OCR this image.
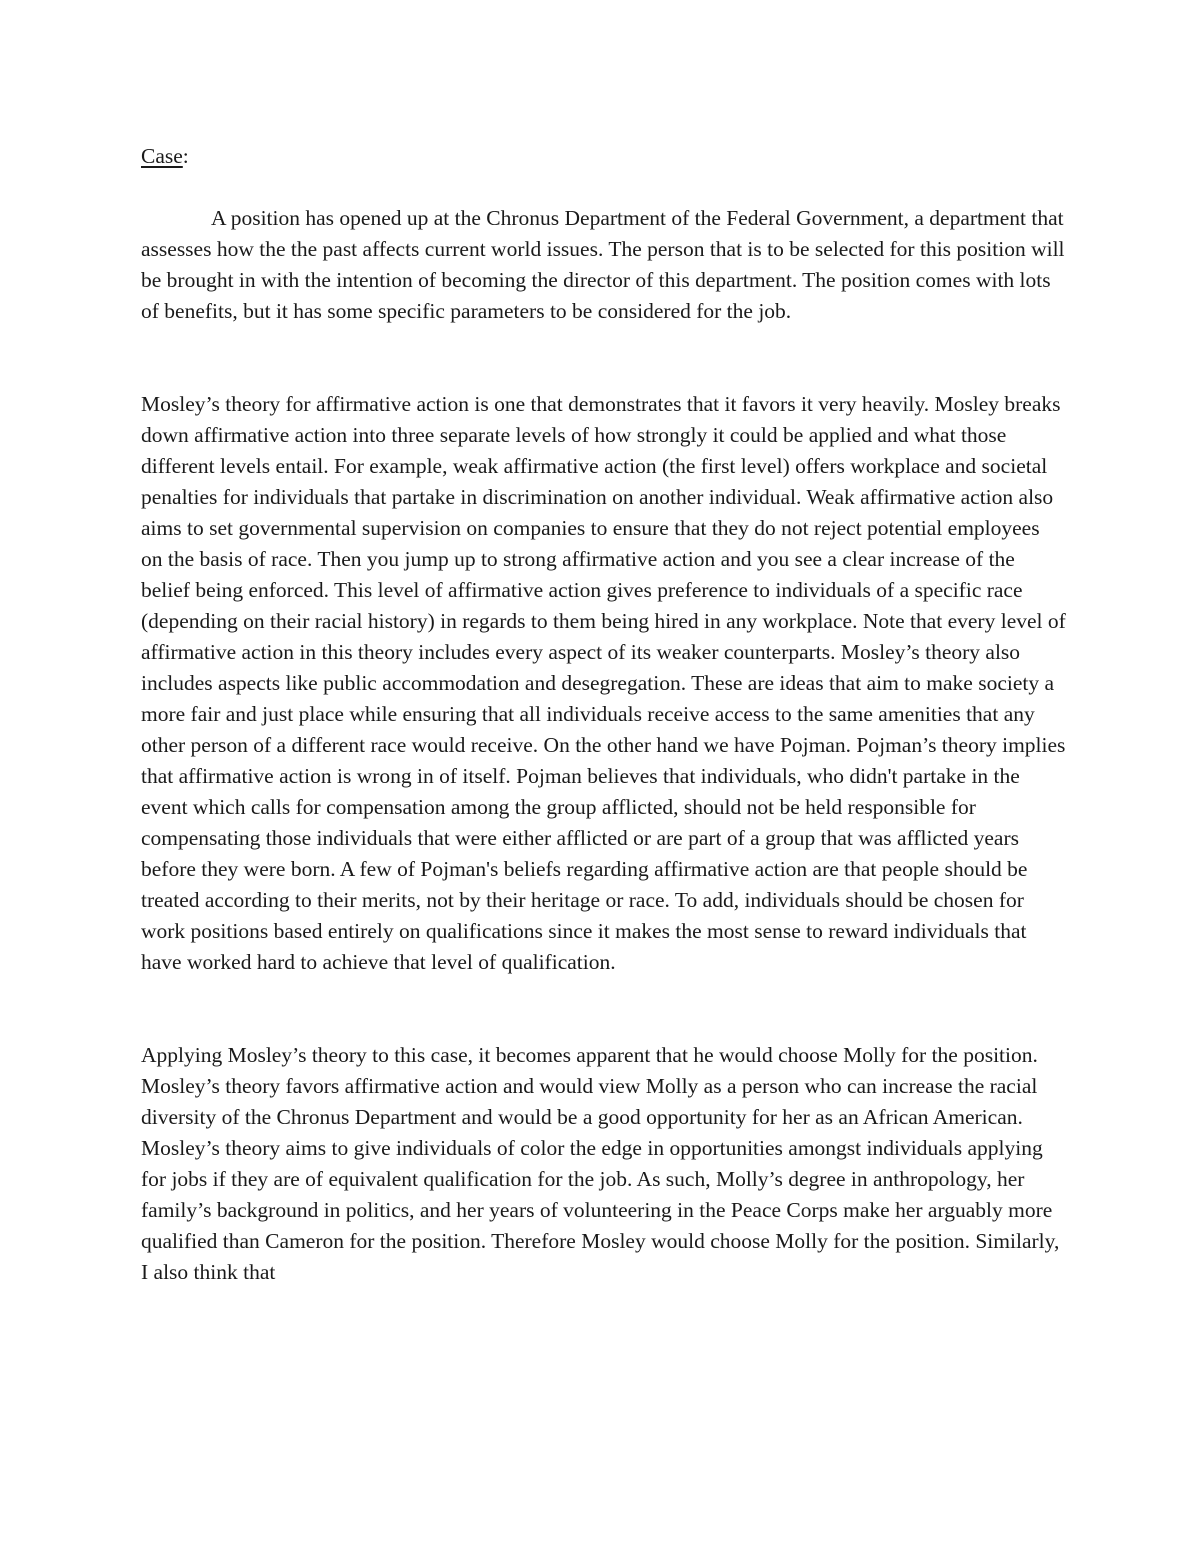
Case:

A position has opened up at the Chronus Department of the Federal Government, a department that assesses how the the past affects current world issues. The person that is to be selected for this position will be brought in with the intention of becoming the director of this department. The position comes with lots of benefits, but it has some specific parameters to be considered for the job.

Mosley’s theory for affirmative action is one that demonstrates that it favors it very heavily. Mosley breaks down affirmative action into three separate levels of how strongly it could be applied and what those different levels entail. For example, weak affirmative action (the first level) offers workplace and societal penalties for individuals that partake in discrimination on another individual. Weak affirmative action also aims to set governmental supervision on companies to ensure that they do not reject potential employees on the basis of race. Then you jump up to strong affirmative action and you see a clear increase of the belief being enforced. This level of affirmative action gives preference to individuals of a specific race (depending on their racial history) in regards to them being hired in any workplace. Note that every level of affirmative action in this theory includes every aspect of its weaker counterparts. Mosley’s theory also includes aspects like public accommodation and desegregation. These are ideas that aim to make society a more fair and just place while ensuring that all individuals receive access to the same amenities that any other person of a different race would receive. On the other hand we have Pojman. Pojman’s theory implies that affirmative action is wrong in of itself. Pojman believes that individuals, who didn't partake in the event which calls for compensation among the group afflicted, should not be held responsible for compensating those individuals that were either afflicted or are part of a group that was afflicted years before they were born. A few of Pojman's beliefs regarding affirmative action are that people should be treated according to their merits, not by their heritage or race. To add, individuals should be chosen for work positions based entirely on qualifications since it makes the most sense to reward individuals that have worked hard to achieve that level of qualification.

Applying Mosley’s theory to this case, it becomes apparent that he would choose Molly for the position. Mosley’s theory favors affirmative action and would view Molly as a person who can increase the racial diversity of the Chronus Department and would be a good opportunity for her as an African American. Mosley’s theory aims to give individuals of color the edge in opportunities amongst individuals applying for jobs if they are of equivalent qualification for the job. As such, Molly’s degree in anthropology, her family’s background in politics, and her years of volunteering in the Peace Corps make her arguably more qualified than Cameron for the position. Therefore Mosley would choose Molly for the position. Similarly, I also think that
